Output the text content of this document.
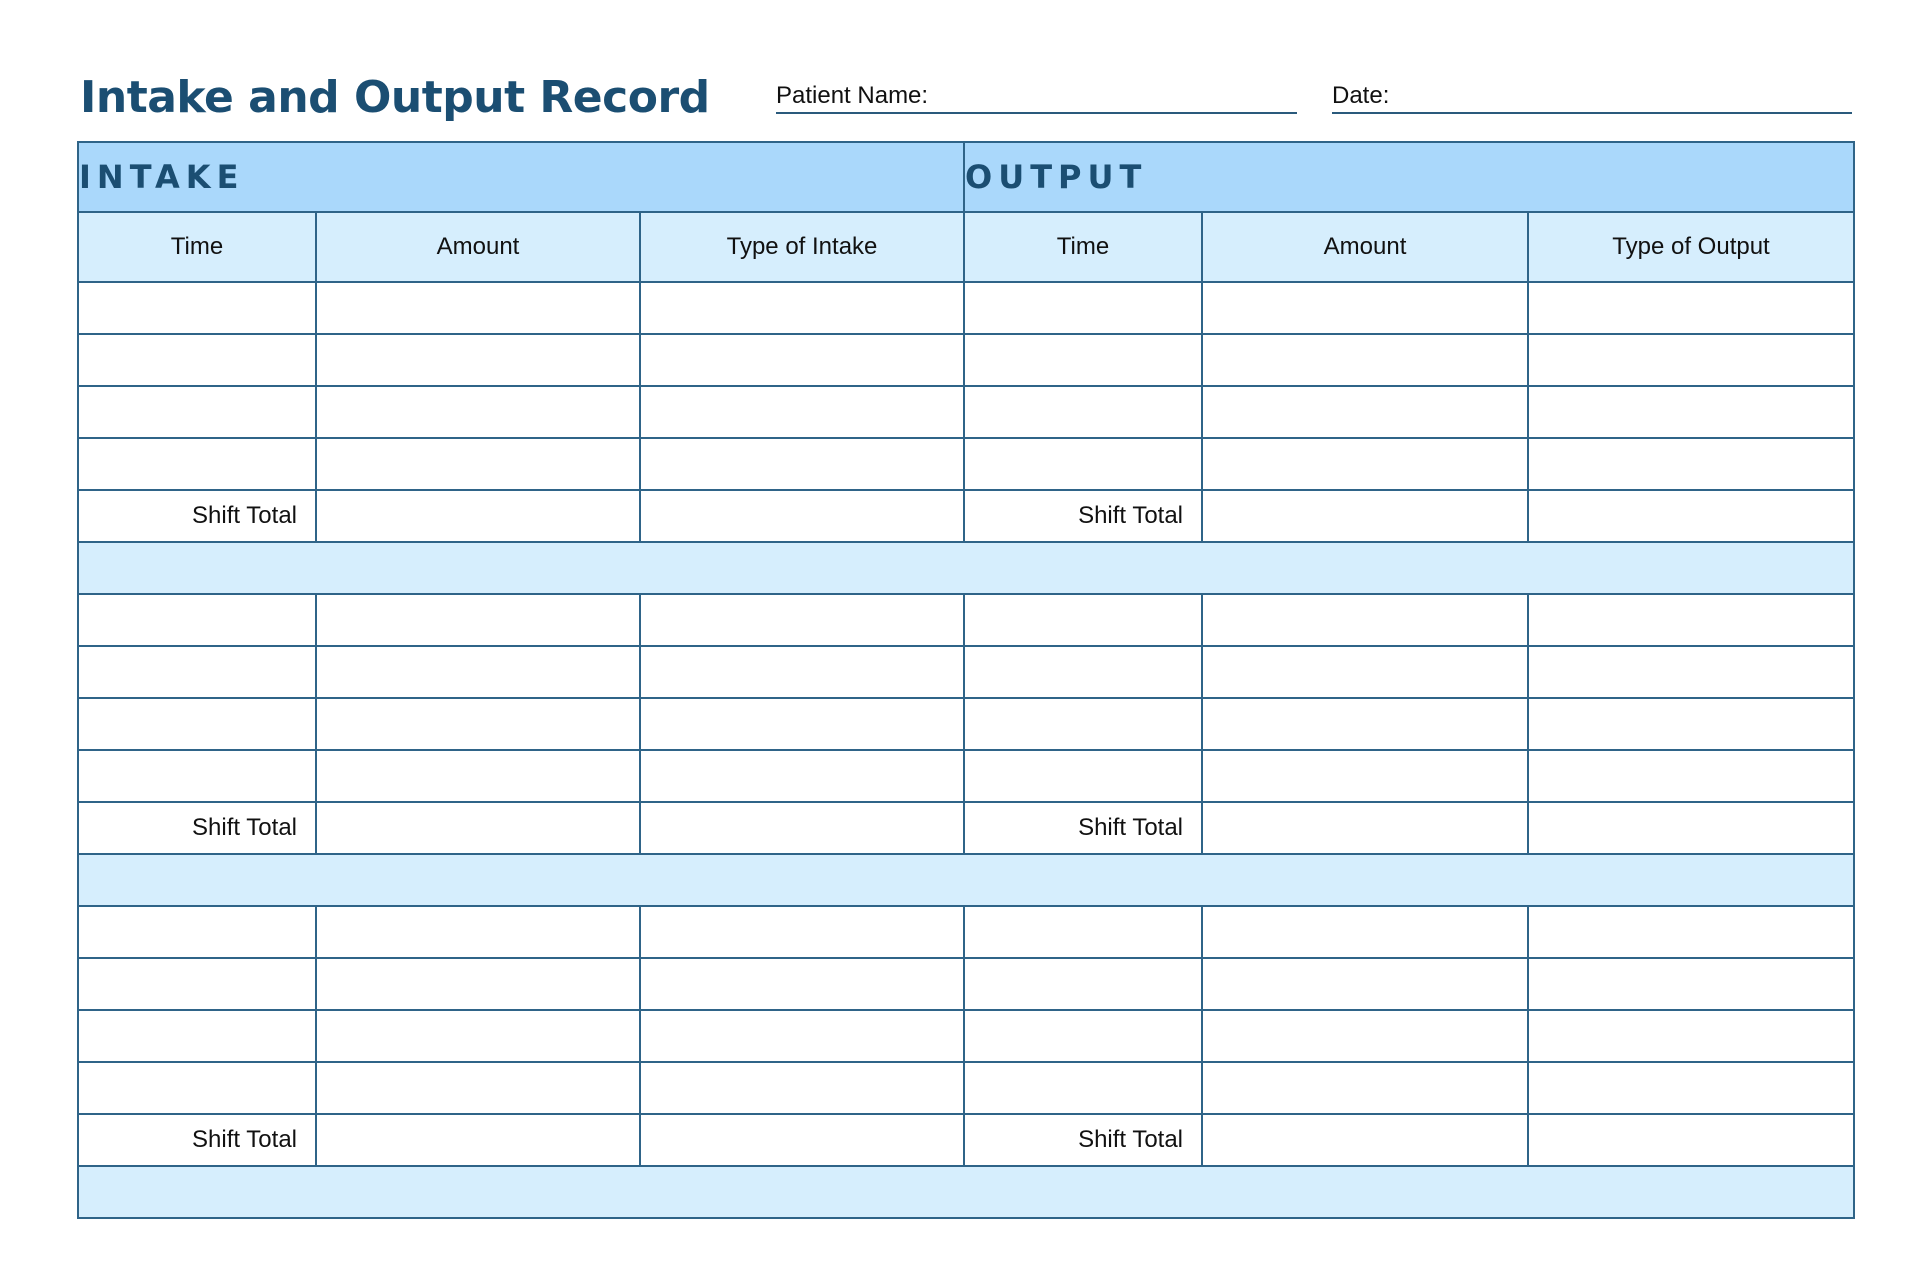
Intake and Output Record	Patient Name:	Date:
INTAKE			OUTPUT		
Time	Amount	Type of Intake	Time	Amount	Type of Output

Shift Total			Shift Total		

Shift Total			Shift Total		

Shift Total			Shift Total		
